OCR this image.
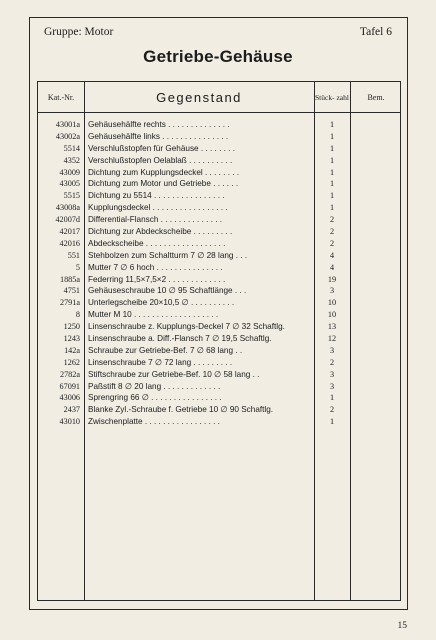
Gruppe: Motor	Tafel 6
Getriebe-Gehäuse
Kat.-Nr.	Gegenstand	Stück- zahl	Bem.
43001a Gehäusehälfte rechts . . . . . . . . . . . . . .	1
43002a Gehäusehälfte links . . . . . . . . . . . . . . .	1
5514 Verschlußstopfen für Gehäuse . . . . . . . .	1
4352 Verschlußstopfen Oelablaß . . . . . . . . . .	1
43009 Dichtung zum Kupplungsdeckel . . . . . . . .	1
43005 Dichtung zum Motor und Getriebe . . . . . .	1
5515 Dichtung zu 5514 . . . . . . . . . . . . . . . .	1
43008a Kupplungsdeckel . . . . . . . . . . . . . . . . .	1
42007d Differential-Flansch . . . . . . . . . . . . . .	2
42017 Dichtung zur Abdeckscheibe . . . . . . . . .	2
42016 Abdeckscheibe . . . . . . . . . . . . . . . . . .	2
551 Stehbolzen zum Schaltturm 7 ∅ 28 lang . . .	4
5 Mutter 7 ∅ 6 hoch . . . . . . . . . . . . . . .	4
1885a Federring 11,5×7,5×2 . . . . . . . . . . . . .	19
4751 Gehäuseschraube 10 ∅ 95 Schaftlänge . . .	3
2791a Unterlegscheibe 20×10,5 ∅ . . . . . . . . . .	10
8 Mutter M 10 . . . . . . . . . . . . . . . . . . .	10
1250 Linsenschraube z. Kupplungs-Deckel 7 ∅ 32 Schaftlg.	13
1243 Linsenschraube a. Diff.-Flansch 7 ∅ 19,5 Schaftlg.	12
142a Schraube zur Getriebe-Bef. 7 ∅ 68 lang . .	3
1262 Linsenschraube 7 ∅ 72 lang . . . . . . . . .	2
2782a Stiftschraube zur Getriebe-Bef. 10 ∅ 58 lang . .	3
67091 Paßstift 8 ∅ 20 lang . . . . . . . . . . . . .	3
43006 Sprengring 66 ∅ . . . . . . . . . . . . . . . .	1
2437 Blanke Zyl.-Schraube f. Getriebe 10 ∅ 90 Schaftlg.	2
43010 Zwischenplatte . . . . . . . . . . . . . . . . .	1
15
